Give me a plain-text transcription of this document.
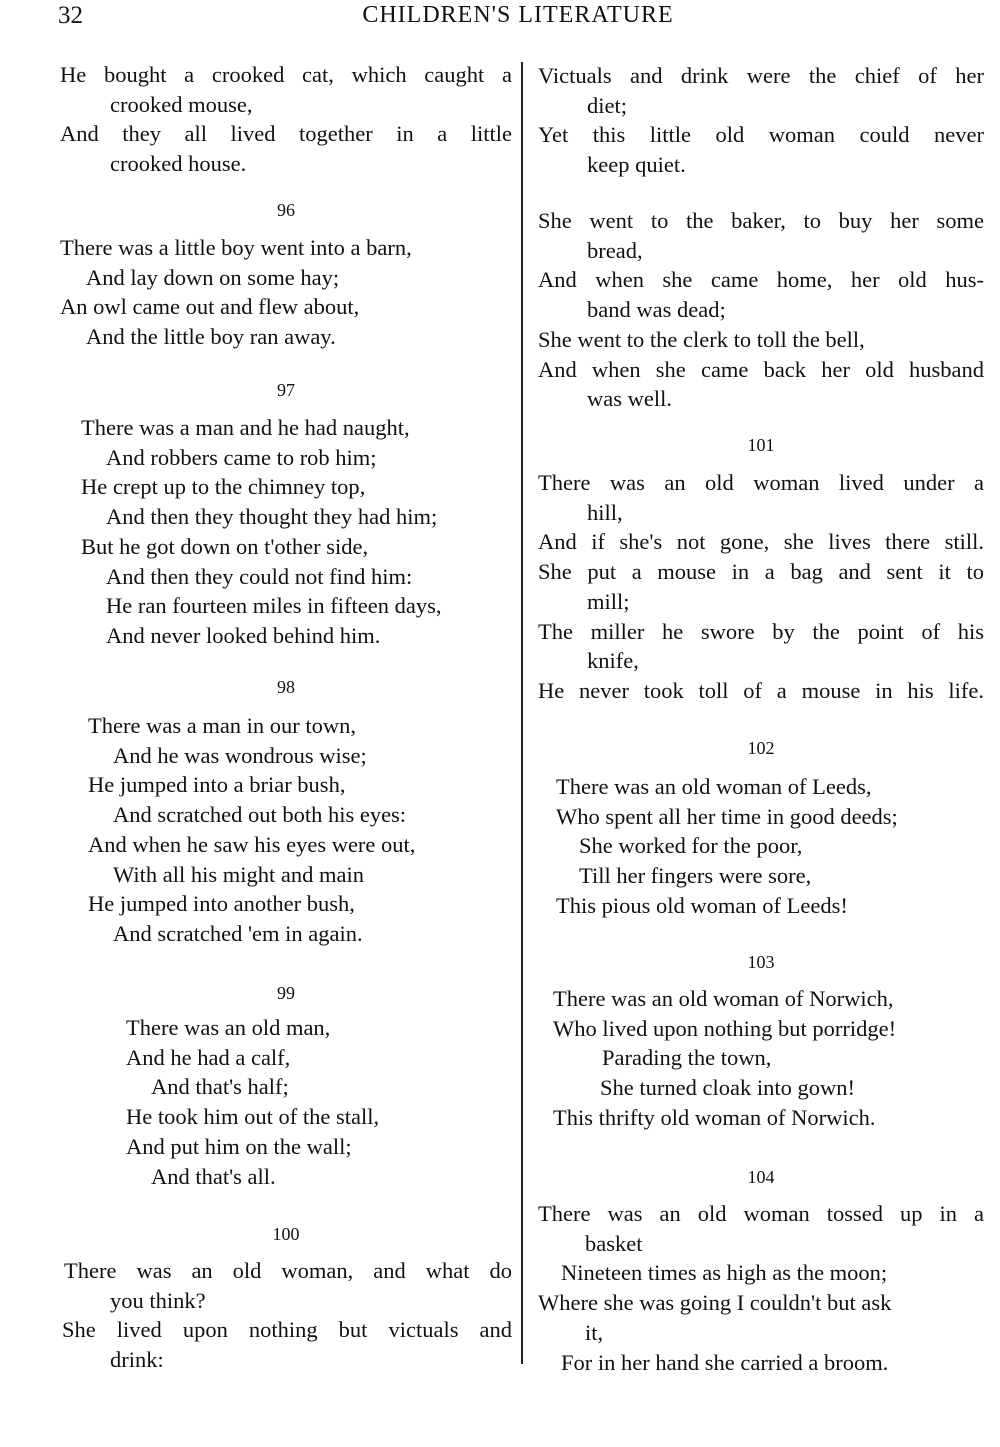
32	CHILDREN'S LITERATURE
He bought a crooked cat, which caught a
crooked mouse,
And they all lived together in a little
crooked house.
96
There was a little boy went into a barn,
And lay down on some hay;
An owl came out and flew about,
And the little boy ran away.
97
There was a man and he had naught,
And robbers came to rob him;
He crept up to the chimney top,
And then they thought they had him;
But he got down on t'other side,
And then they could not find him:
He ran fourteen miles in fifteen days,
And never looked behind him.
98
There was a man in our town,
And he was wondrous wise;
He jumped into a briar bush,
And scratched out both his eyes:
And when he saw his eyes were out,
With all his might and main
He jumped into another bush,
And scratched 'em in again.
99
There was an old man,
And he had a calf,
And that's half;
He took him out of the stall,
And put him on the wall;
And that's all.
100
There was an old woman, and what do
you think?
She lived upon nothing but victuals and
drink:
Victuals and drink were the chief of her
diet;
Yet this little old woman could never
keep quiet.
She went to the baker, to buy her some
bread,
And when she came home, her old hus-
band was dead;
She went to the clerk to toll the bell,
And when she came back her old husband
was well.
101
There was an old woman lived under a
hill,
And if she's not gone, she lives there still.
She put a mouse in a bag and sent it to
mill;
The miller he swore by the point of his
knife,
He never took toll of a mouse in his life.
102
There was an old woman of Leeds,
Who spent all her time in good deeds;
She worked for the poor,
Till her fingers were sore,
This pious old woman of Leeds!
103
There was an old woman of Norwich,
Who lived upon nothing but porridge!
Parading the town,
She turned cloak into gown!
This thrifty old woman of Norwich.
104
There was an old woman tossed up in a
basket
Nineteen times as high as the moon;
Where she was going I couldn't but ask
it,
For in her hand she carried a broom.
